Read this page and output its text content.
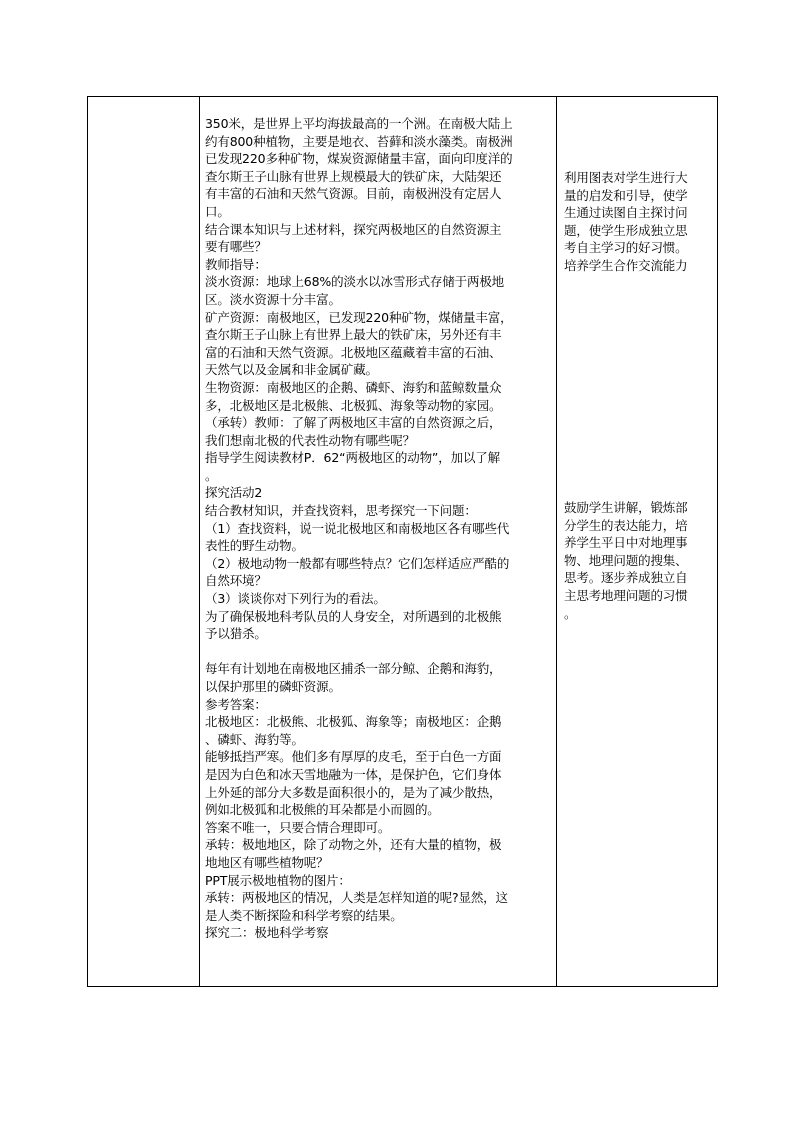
350米，是世界上平均海拔最高的一个洲。在南极大陆上
约有800种植物，主要是地衣、苔藓和淡水藻类。南极洲
已发现220多种矿物，煤炭资源储量丰富，面向印度洋的
查尔斯王子山脉有世界上规模最大的铁矿床，大陆架还
有丰富的石油和天然气资源。目前，南极洲没有定居人
口。
结合课本知识与上述材料，探究两极地区的自然资源主
要有哪些？
教师指导：
淡水资源：地球上68%的淡水以冰雪形式存储于两极地
区。淡水资源十分丰富。
矿产资源：南极地区，已发现220种矿物，煤储量丰富，
查尔斯王子山脉上有世界上最大的铁矿床，另外还有丰
富的石油和天然气资源。北极地区蕴藏着丰富的石油、
天然气以及金属和非金属矿藏。
生物资源：南极地区的企鹅、磷虾、海豹和蓝鲸数量众
多，北极地区是北极熊、北极狐、海象等动物的家园。
（承转）教师：了解了两极地区丰富的自然资源之后，
我们想南北极的代表性动物有哪些呢？
指导学生阅读教材P．62“两极地区的动物”，加以了解
。
探究活动2
结合教材知识，并查找资料，思考探究一下问题：
（1）查找资料，说一说北极地区和南极地区各有哪些代
表性的野生动物。
（2）极地动物一般都有哪些特点？它们怎样适应严酷的
自然环境？
（3）谈谈你对下列行为的看法。
为了确保极地科考队员的人身安全，对所遇到的北极熊
予以猎杀。
每年有计划地在南极地区捕杀一部分鲸、企鹅和海豹，
以保护那里的磷虾资源。
参考答案：
北极地区：北极熊、北极狐、海象等；南极地区：企鹅
、磷虾、海豹等。
能够抵挡严寒。他们多有厚厚的皮毛，至于白色一方面
是因为白色和冰天雪地融为一体，是保护色，它们身体
上外延的部分大多数是面积很小的，是为了减少散热，
例如北极狐和北极熊的耳朵都是小而圆的。
答案不唯一，只要合情合理即可。
承转：极地地区，除了动物之外，还有大量的植物，极
地地区有哪些植物呢？
PPT展示极地植物的图片：
承转：两极地区的情况，人类是怎样知道的呢?显然，这
是人类不断探险和科学考察的结果。
探究二：极地科学考察
利用图表对学生进行大
量的启发和引导，使学
生通过读图自主探讨问
题，使学生形成独立思
考自主学习的好习惯。
培养学生合作交流能力
鼓励学生讲解，锻炼部
分学生的表达能力，培
养学生平日中对地理事
物、地理问题的搜集、
思考。逐步养成独立自
主思考地理问题的习惯
。
